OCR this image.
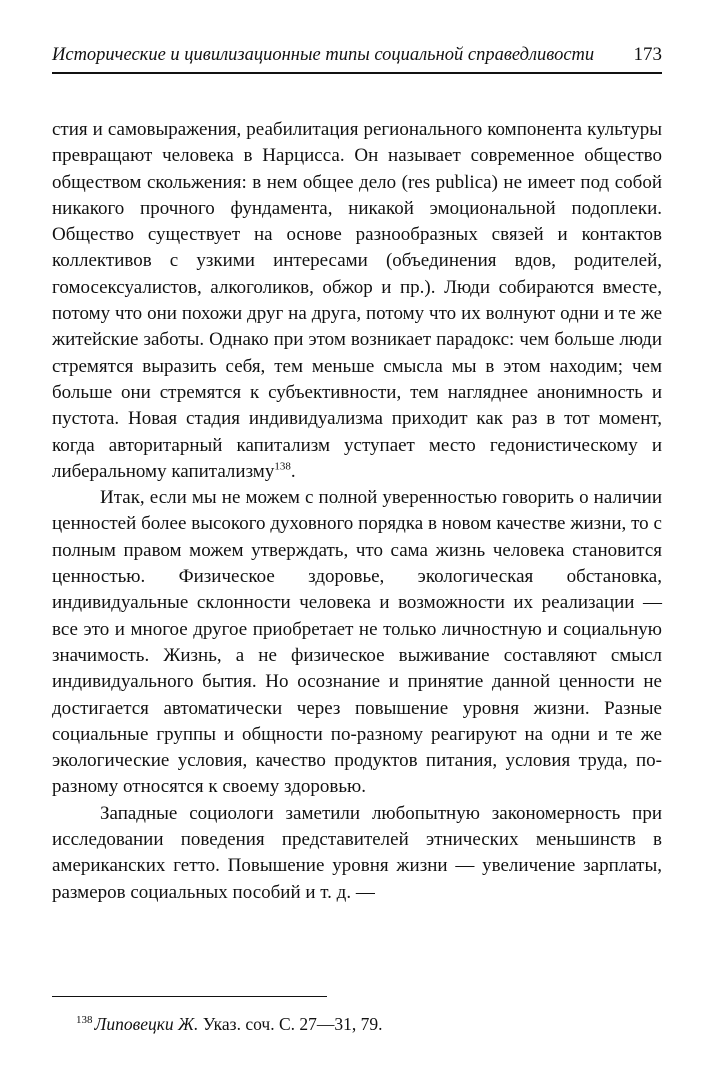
Исторические и цивилизационные типы социальной справедливости 173

стия и самовыражения, реабилитация регионального компонента культуры превращают человека в Нарцисса. Он называет современное общество обществом скольжения: в нем общее дело (res publica) не имеет под собой никакого прочного фундамента, никакой эмоциональной подоплеки. Общество существует на основе разнообразных связей и контактов коллективов с узкими интересами (объединения вдов, родителей, гомосексуалистов, алкоголиков, обжор и пр.). Люди собираются вместе, потому что они похожи друг на друга, потому что их волнуют одни и те же житейские заботы. Однако при этом возникает парадокс: чем больше люди стремятся выразить себя, тем меньше смысла мы в этом находим; чем больше они стремятся к субъективности, тем нагляднее анонимность и пустота. Новая стадия индивидуализма приходит как раз в тот момент, когда авторитарный капитализм уступает место гедонистическому и либеральному капитализму$^{138}$.

Итак, если мы не можем с полной уверенностью говорить о наличии ценностей более высокого духовного порядка в новом качестве жизни, то с полным правом можем утверждать, что сама жизнь человека становится ценностью. Физическое здоровье, экологическая обстановка, индивидуальные склонности человека и возможности их реализации — все это и многое другое приобретает не только личностную и социальную значимость. Жизнь, а не физическое выживание составляют смысл индивидуального бытия. Но осознание и принятие данной ценности не достигается автоматически через повышение уровня жизни. Разные социальные группы и общности по-разному реагируют на одни и те же экологические условия, качество продуктов питания, условия труда, по-разному относятся к своему здоровью.

Западные социологи заметили любопытную закономерность при исследовании поведения представителей этнических меньшинств в американских гетто. Повышение уровня жизни — увеличение зарплаты, размеров социальных пособий и т. д. —

$^{138}$ Липовецки Ж. Указ. соч. С. 27—31, 79.
